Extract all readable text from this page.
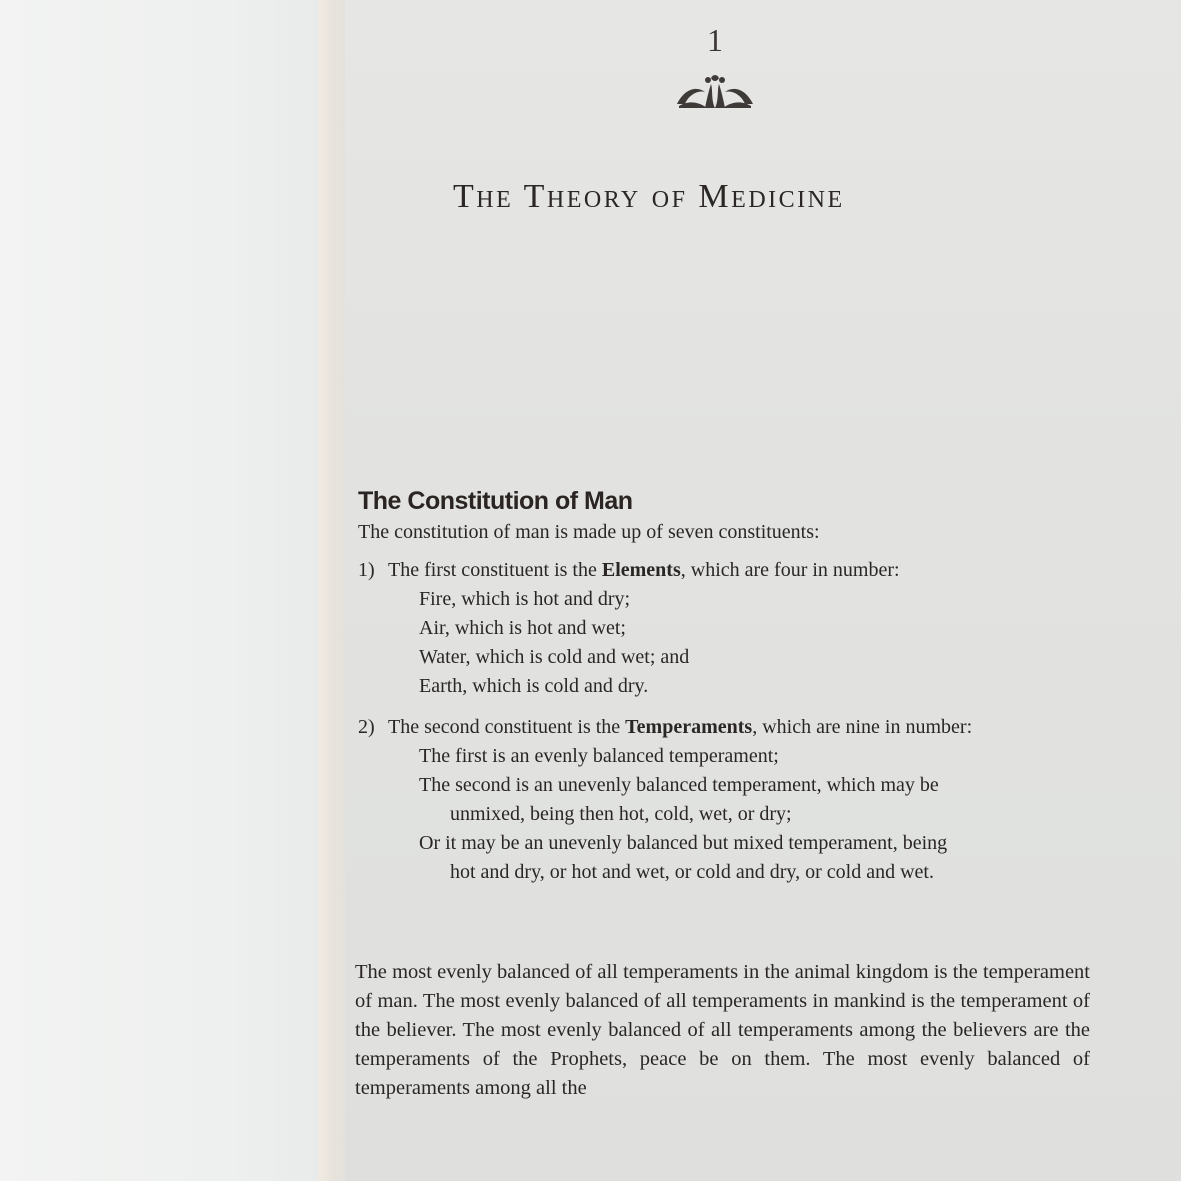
1
The Theory of Medicine
The Constitution of Man

The constitution of man is made up of seven constituents:

1) The first constituent is the Elements, which are four in number:
Fire, which is hot and dry;
Air, which is hot and wet;
Water, which is cold and wet; and
Earth, which is cold and dry.
2) The second constituent is the Temperaments, which are nine in number:
The first is an evenly balanced temperament;
The second is an unevenly balanced temperament, which may be
unmixed, being then hot, cold, wet, or dry;
Or it may be an unevenly balanced but mixed temperament, being
hot and dry, or hot and wet, or cold and dry, or cold and wet.

The most evenly balanced of all temperaments in the animal kingdom is the temperament of man. The most evenly balanced of all temperaments in mankind is the temperament of the believer. The most evenly balanced of all temperaments among the believers are the temperaments of the Prophets, peace be on them. The most evenly balanced of temperaments among all the
